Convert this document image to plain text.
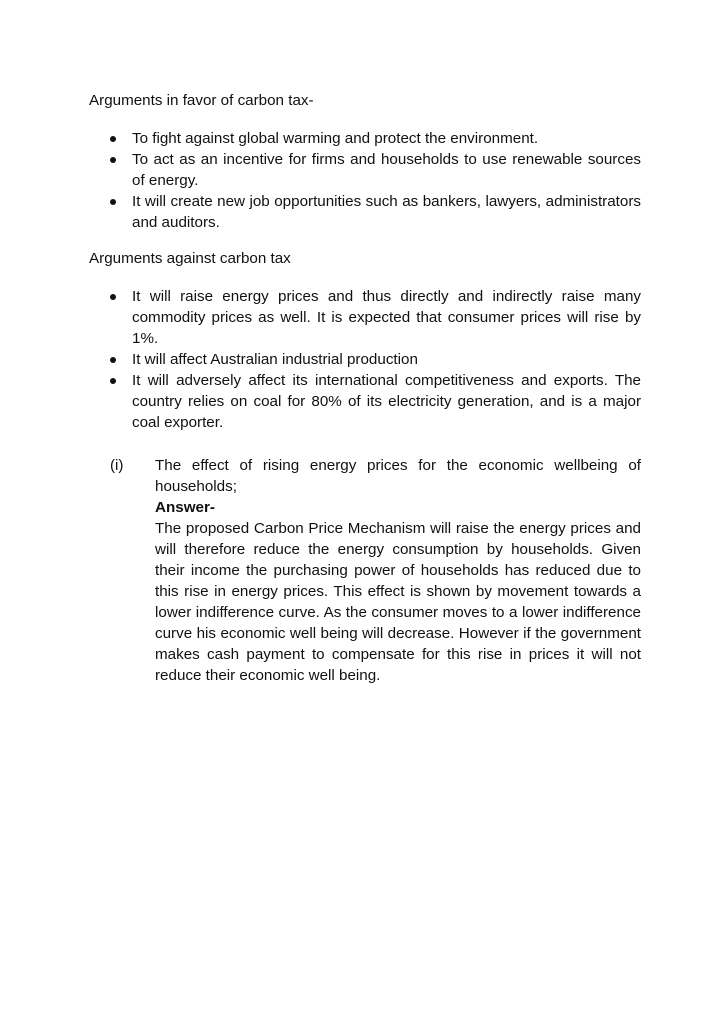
Arguments in favor of carbon tax-

To fight against global warming and protect the environment.
To act as an incentive for firms and households to use renewable sources of energy.
It will create new job opportunities such as bankers, lawyers, administrators and auditors.

Arguments against carbon tax

It will raise energy prices and thus directly and indirectly raise many commodity prices as well. It is expected that consumer prices will rise by 1%.
It will affect Australian industrial production
It will adversely affect its international competitiveness and exports. The country relies on coal for 80% of its electricity generation, and is a major coal exporter.
(i) The effect of rising energy prices for the economic wellbeing of households;

Answer-

The proposed Carbon Price Mechanism will raise the energy prices and will therefore reduce the energy consumption by households. Given their income the purchasing power of households has reduced due to this rise in energy prices. This effect is shown by movement towards a lower indifference curve. As the consumer moves to a lower indifference curve his economic well being will decrease. However if the government makes cash payment to compensate for this rise in prices it will not reduce their economic well being.
